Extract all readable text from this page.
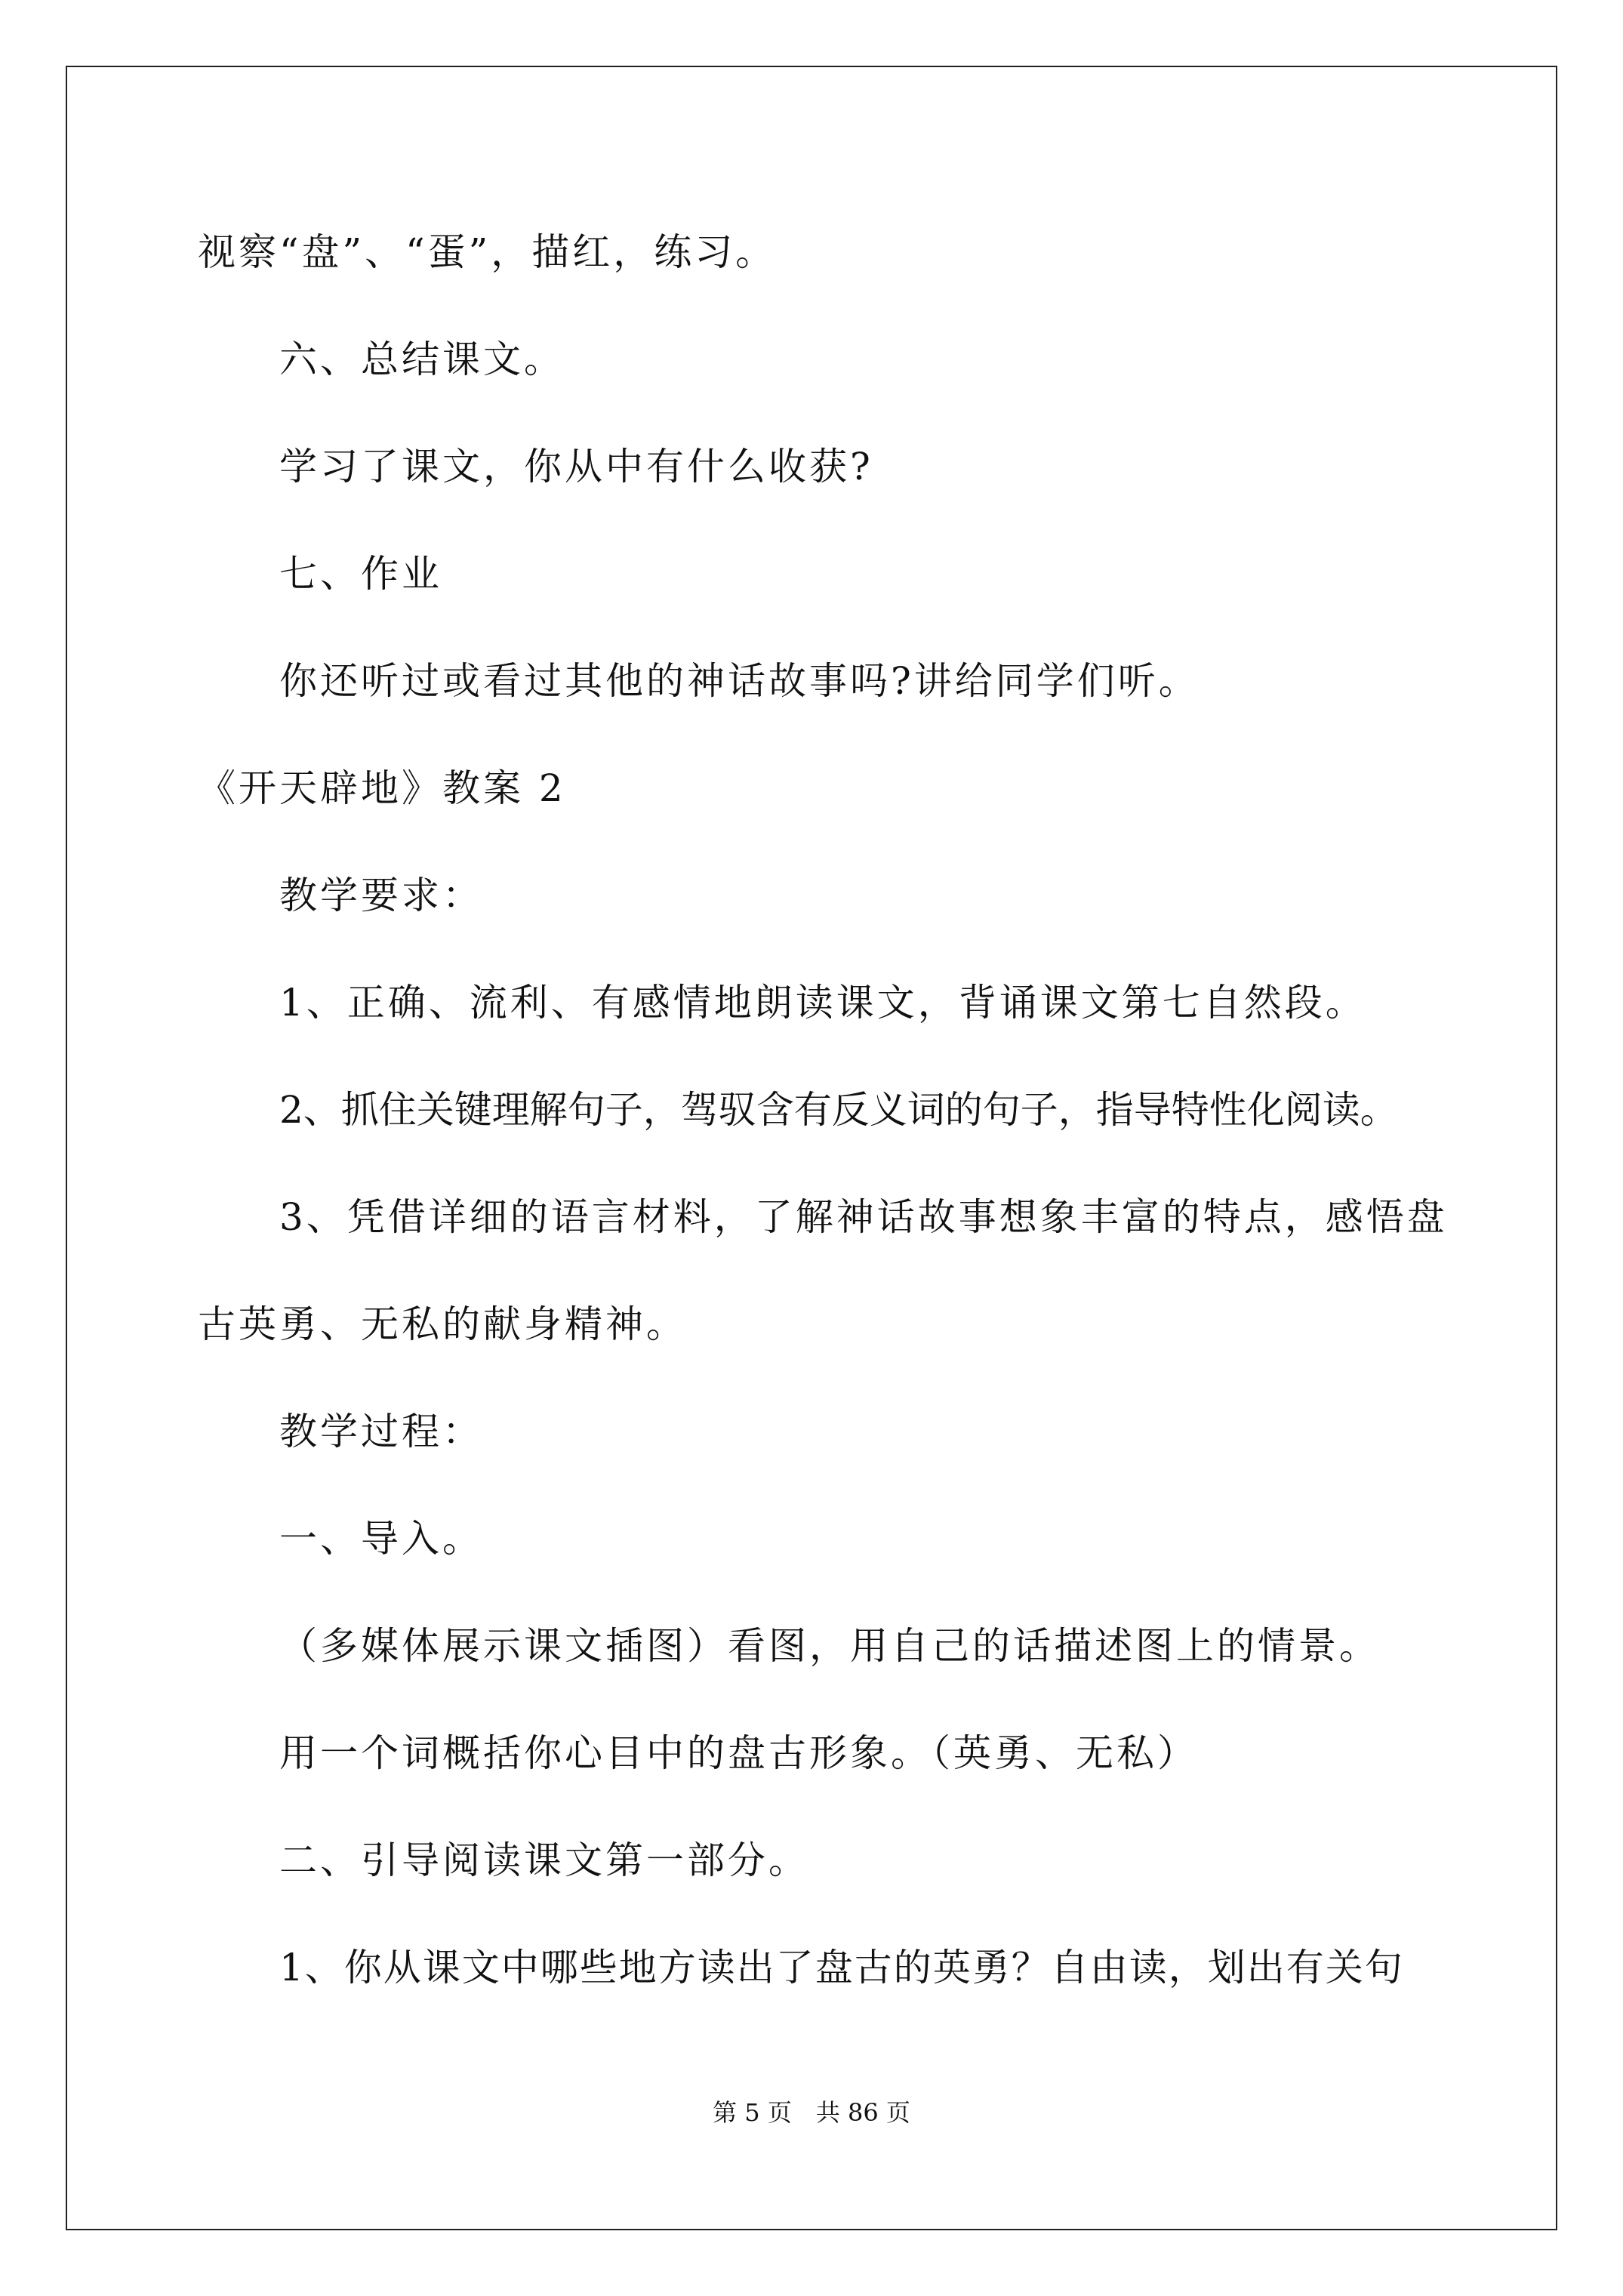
视察“盘”、“蛋”，描红，练习。
六、总结课文。
学习了课文，你从中有什么收获?
七、作业
你还听过或看过其他的神话故事吗?讲给同学们听。
《开天辟地》教案 2
教学要求：
1、正确、流利、有感情地朗读课文，背诵课文第七自然段。
2、抓住关键理解句子，驾驭含有反义词的句子，指导特性化阅读。
3、凭借详细的语言材料，了解神话故事想象丰富的特点，感悟盘
古英勇、无私的献身精神。
教学过程：
一、导入。
（多媒体展示课文插图）看图，用自己的话描述图上的情景。
用一个词概括你心目中的盘古形象。（英勇、无私）
二、引导阅读课文第一部分。
1、你从课文中哪些地方读出了盘古的英勇？自由读，划出有关句
第 5 页　共 86 页
